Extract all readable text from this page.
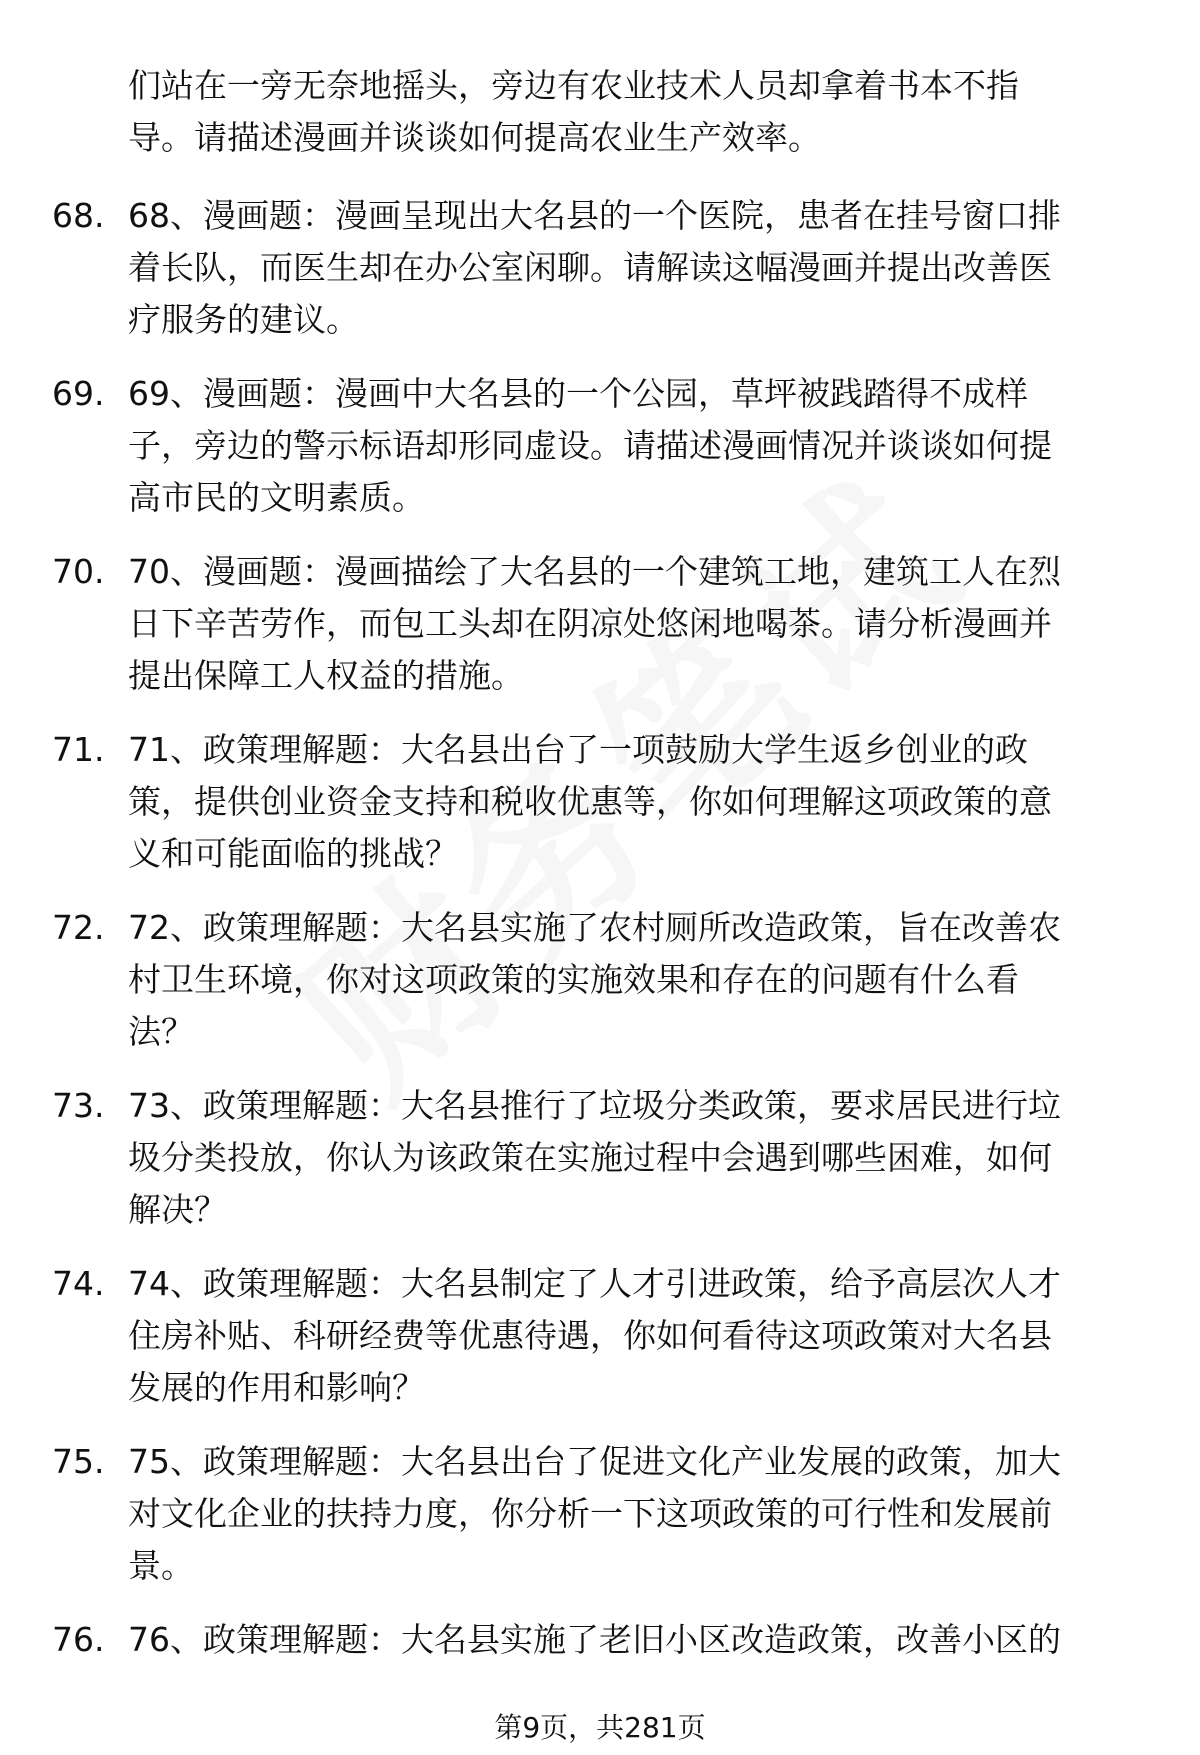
们站在一旁无奈地摇头，旁边有农业技术人员却拿着书本不指
导。请描述漫画并谈谈如何提高农业生产效率。
68. 68、漫画题：漫画呈现出大名县的一个医院，患者在挂号窗口排
着长队，而医生却在办公室闲聊。请解读这幅漫画并提出改善医
疗服务的建议。
69. 69、漫画题：漫画中大名县的一个公园，草坪被践踏得不成样
子，旁边的警示标语却形同虚设。请描述漫画情况并谈谈如何提
高市民的文明素质。
70. 70、漫画题：漫画描绘了大名县的一个建筑工地，建筑工人在烈
日下辛苦劳作，而包工头却在阴凉处悠闲地喝茶。请分析漫画并
提出保障工人权益的措施。
71. 71、政策理解题：大名县出台了一项鼓励大学生返乡创业的政
策，提供创业资金支持和税收优惠等，你如何理解这项政策的意
义和可能面临的挑战？
72. 72、政策理解题：大名县实施了农村厕所改造政策，旨在改善农
村卫生环境，你对这项政策的实施效果和存在的问题有什么看
法？
73. 73、政策理解题：大名县推行了垃圾分类政策，要求居民进行垃
圾分类投放，你认为该政策在实施过程中会遇到哪些困难，如何
解决？
74. 74、政策理解题：大名县制定了人才引进政策，给予高层次人才
住房补贴、科研经费等优惠待遇，你如何看待这项政策对大名县
发展的作用和影响？
75. 75、政策理解题：大名县出台了促进文化产业发展的政策，加大
对文化企业的扶持力度，你分析一下这项政策的可行性和发展前
景。
76. 76、政策理解题：大名县实施了老旧小区改造政策，改善小区的
第9页，共281页
